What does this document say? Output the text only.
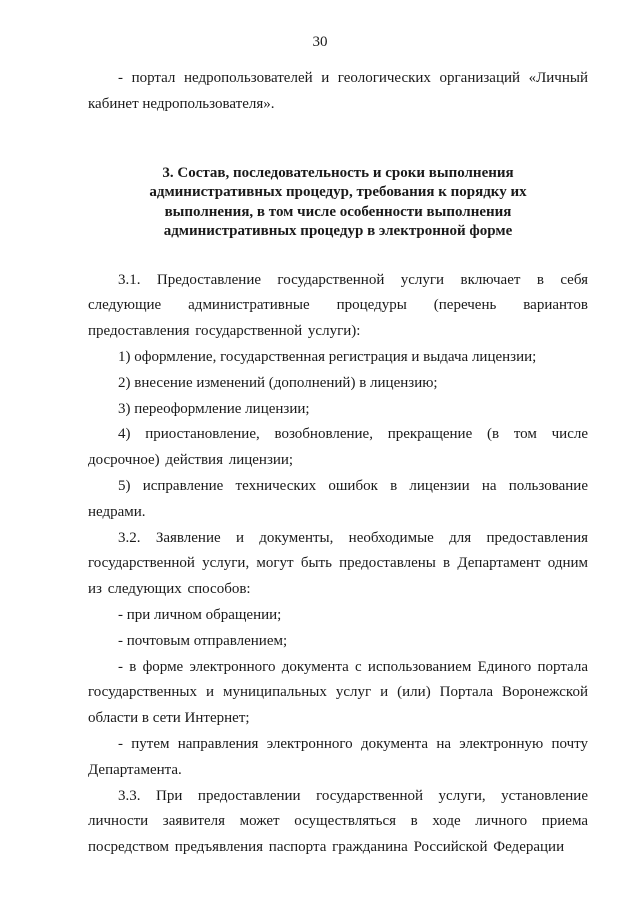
30

- портал недропользователей и геологических организаций «Личный кабинет недропользователя».

3. Состав, последовательность и сроки выполнения административных процедур, требования к порядку их выполнения, в том числе особенности выполнения административных процедур в электронной форме

3.1. Предоставление государственной услуги включает в себя следующие административные процедуры (перечень вариантов предоставления государственной услуги):

1) оформление, государственная регистрация и выдача лицензии;

2) внесение изменений (дополнений) в лицензию;

3) переоформление лицензии;

4) приостановление, возобновление, прекращение (в том числе досрочное) действия лицензии;

5) исправление технических ошибок в лицензии на пользование недрами.

3.2. Заявление и документы, необходимые для предоставления государственной услуги, могут быть предоставлены в Департамент одним из следующих способов:

- при личном обращении;

- почтовым отправлением;

- в форме электронного документа с использованием Единого портала государственных и муниципальных услуг и (или) Портала Воронежской области в сети Интернет;

- путем направления электронного документа на электронную почту Департамента.

3.3. При предоставлении государственной услуги, установление личности заявителя может осуществляться в ходе личного приема посредством предъявления паспорта гражданина Российской Федерации
